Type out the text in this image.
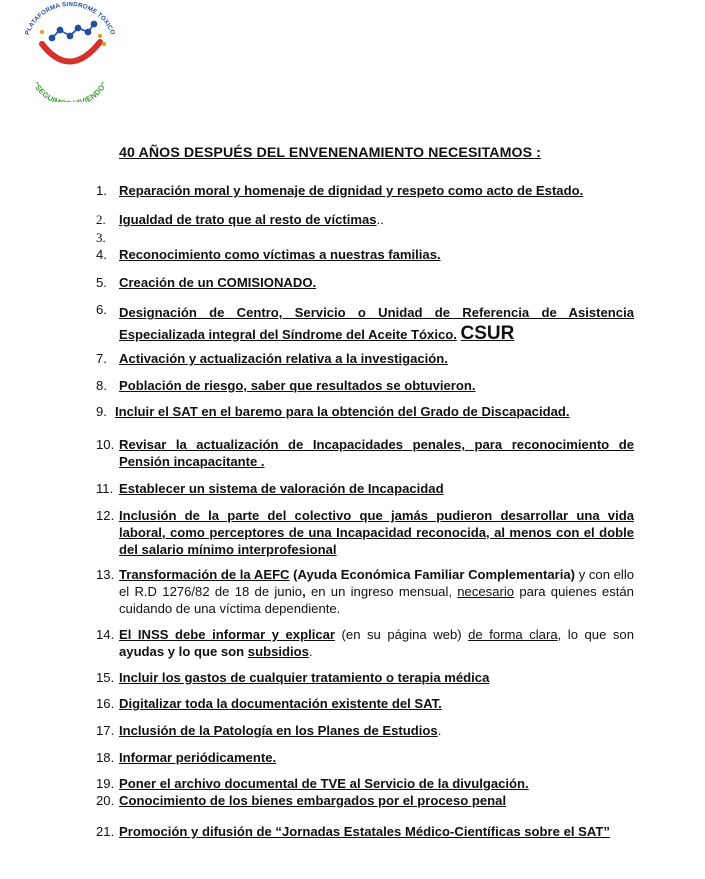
PLATAFORMA SÍNDROME TÓXICO
"SEGUIM VIENDO"
40 AÑOS DESPUÉS DEL ENVENENAMIENTO NECESITAMOS :
1. Reparación moral y homenaje de dignidad y respeto como acto de Estado.
2. Igualdad de trato que al resto de víctimas..
3.
4. Reconocimiento como víctimas a nuestras familias.
5. Creación de un COMISIONADO.
6. Designación de Centro, Servicio o Unidad de Referencia de Asistencia Especializada integral del Síndrome del Aceite Tóxico. CSUR
7. Activación y actualización relativa a la investigación.
8. Población de riesgo, saber que resultados se obtuvieron.
9. Incluir el SAT en el baremo para la obtención del Grado de Discapacidad.
10. Revisar la actualización de Incapacidades penales, para reconocimiento de Pensión incapacitante .
11. Establecer un sistema de valoración de Incapacidad
12. Inclusión de la parte del colectivo que jamás pudieron desarrollar una vida laboral, como perceptores de una Incapacidad reconocida, al menos con el doble del salario mínimo interprofesional
13. Transformación de la AEFC (Ayuda Económica Familiar Complementaria) y con ello el R.D 1276/82 de 18 de junio, en un ingreso mensual, necesario para quienes están cuidando de una víctima dependiente.
14. El INSS debe informar y explicar (en su página web) de forma clara, lo que son ayudas y lo que son subsidios.
15. Incluir los gastos de cualquier tratamiento o terapia médica
16. Digitalizar toda la documentación existente del SAT.
17. Inclusión de la Patología en los Planes de Estudios.
18. Informar periódicamente.
19. Poner el archivo documental de TVE al Servicio de la divulgación.
20. Conocimiento de los bienes embargados por el proceso penal
21. Promoción y difusión de “Jornadas Estatales Médico-Científicas sobre el SAT”
